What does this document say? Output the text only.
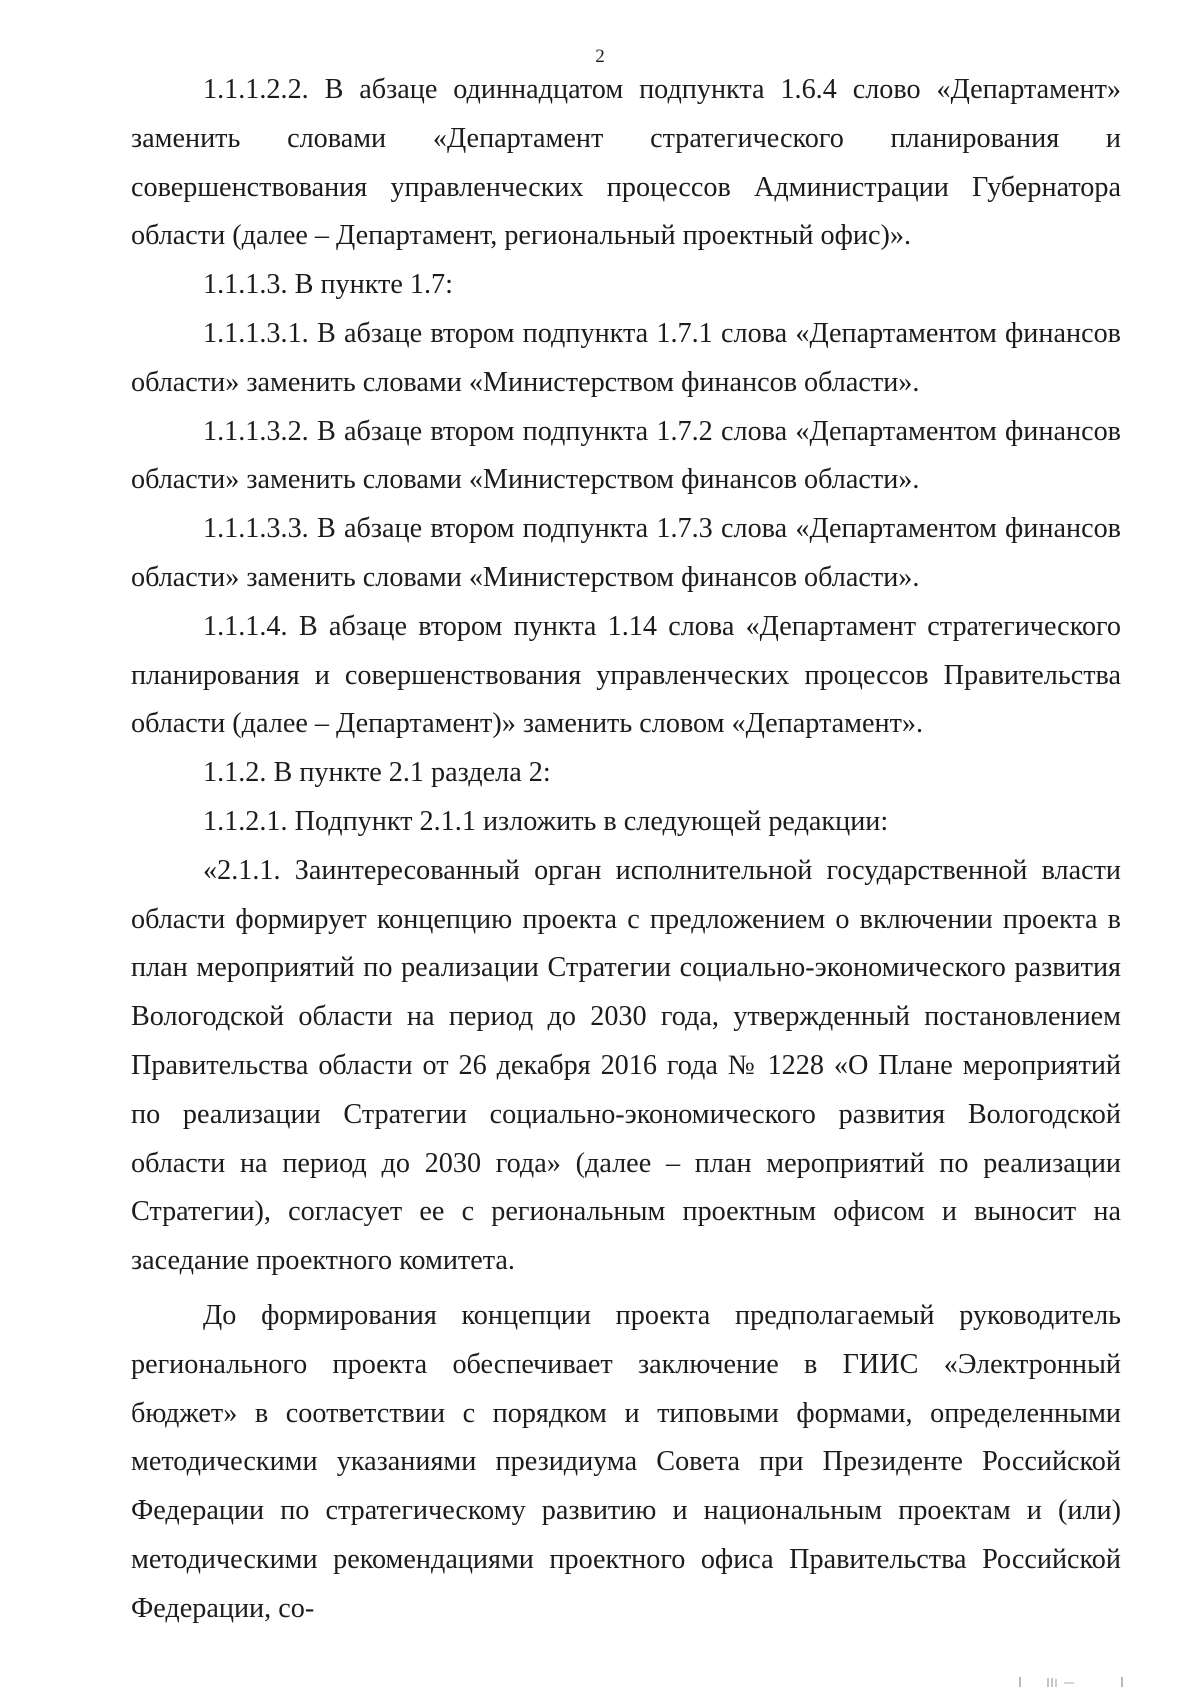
2

1.1.1.2.2. В абзаце одиннадцатом подпункта 1.6.4 слово «Департамент» заменить словами «Департамент стратегического планирования и совершенствования управленческих процессов Администрации Губернатора области (далее – Департамент, региональный проектный офис)».

1.1.1.3. В пункте 1.7:

1.1.1.3.1. В абзаце втором подпункта 1.7.1 слова «Департаментом финансов области» заменить словами «Министерством финансов области».

1.1.1.3.2. В абзаце втором подпункта 1.7.2 слова «Департаментом финансов области» заменить словами «Министерством финансов области».

1.1.1.3.3. В абзаце втором подпункта 1.7.3 слова «Департаментом финансов области» заменить словами «Министерством финансов области».

1.1.1.4. В абзаце втором пункта 1.14 слова «Департамент стратегического планирования и совершенствования управленческих процессов Правительства области (далее – Департамент)» заменить словом «Департамент».

1.1.2. В пункте 2.1 раздела 2:

1.1.2.1. Подпункт 2.1.1 изложить в следующей редакции:

«2.1.1. Заинтересованный орган исполнительной государственной власти области формирует концепцию проекта с предложением о включении проекта в план мероприятий по реализации Стратегии социально-экономического развития Вологодской области на период до 2030 года, утвержденный постановлением Правительства области от 26 декабря 2016 года № 1228 «О Плане мероприятий по реализации Стратегии социально-экономического развития Вологодской области на период до 2030 года» (далее – план мероприятий по реализации Стратегии), согласует ее с региональным проектным офисом и выносит на заседание проектного комитета.

До формирования концепции проекта предполагаемый руководитель регионального проекта обеспечивает заключение в ГИИС «Электронный бюджет» в соответствии с порядком и типовыми формами, определенными методическими указаниями президиума Совета при Президенте Российской Федерации по стратегическому развитию и национальным проектам и (или) методическими рекомендациями проектного офиса Правительства Российской Федерации, со-
